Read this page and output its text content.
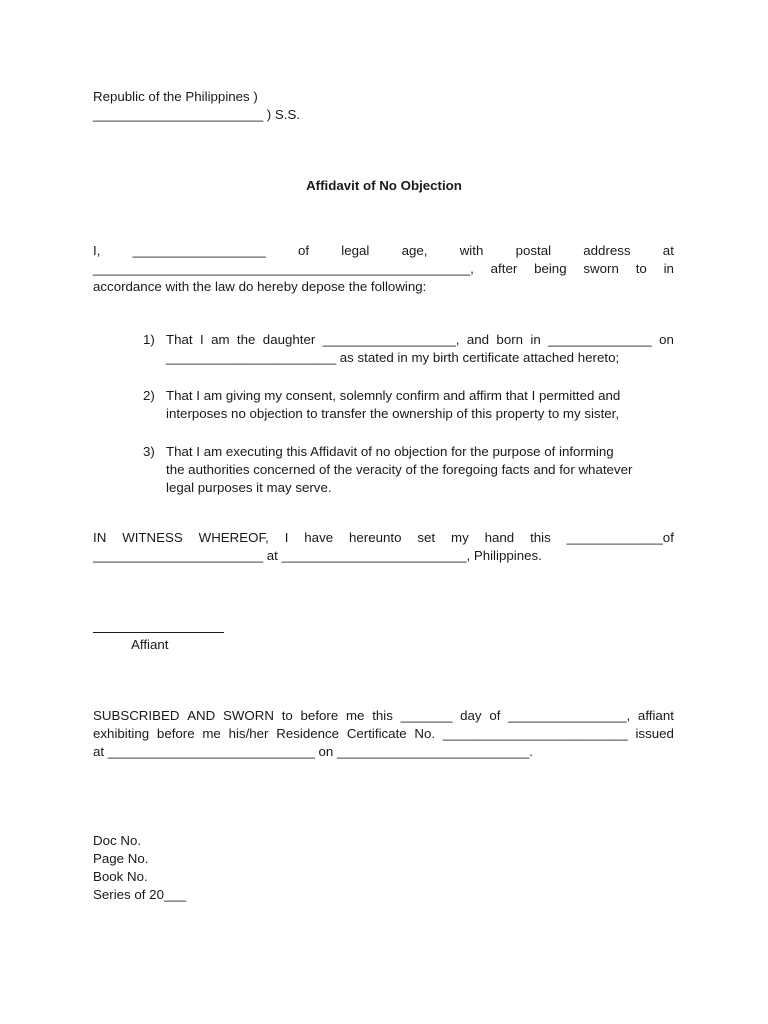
Republic of the Philippines )
_______________________ ) S.S.
Affidavit of No Objection
I, __________________ of legal age, with postal address at
___________________________________________________, after being sworn to in
accordance with the law do hereby depose the following:
1) That I am the daughter __________________, and born in ______________ on
_______________________ as stated in my birth certificate attached hereto;
2) That I am giving my consent, solemnly confirm and affirm that I permitted and
interposes no objection to transfer the ownership of this property to my sister,
3) That I am executing this Affidavit of no objection for the purpose of informing
the authorities concerned of the veracity of the foregoing facts and for whatever
legal purposes it may serve.
IN WITNESS WHEREOF, I have hereunto set my hand this _____________of
_______________________ at _________________________, Philippines.
Affiant
SUBSCRIBED AND SWORN to before me this _______ day of ________________, affiant
exhibiting before me his/her Residence Certificate No. _________________________ issued
at ____________________________ on __________________________.
Doc No.
Page No.
Book No.
Series of 20___
